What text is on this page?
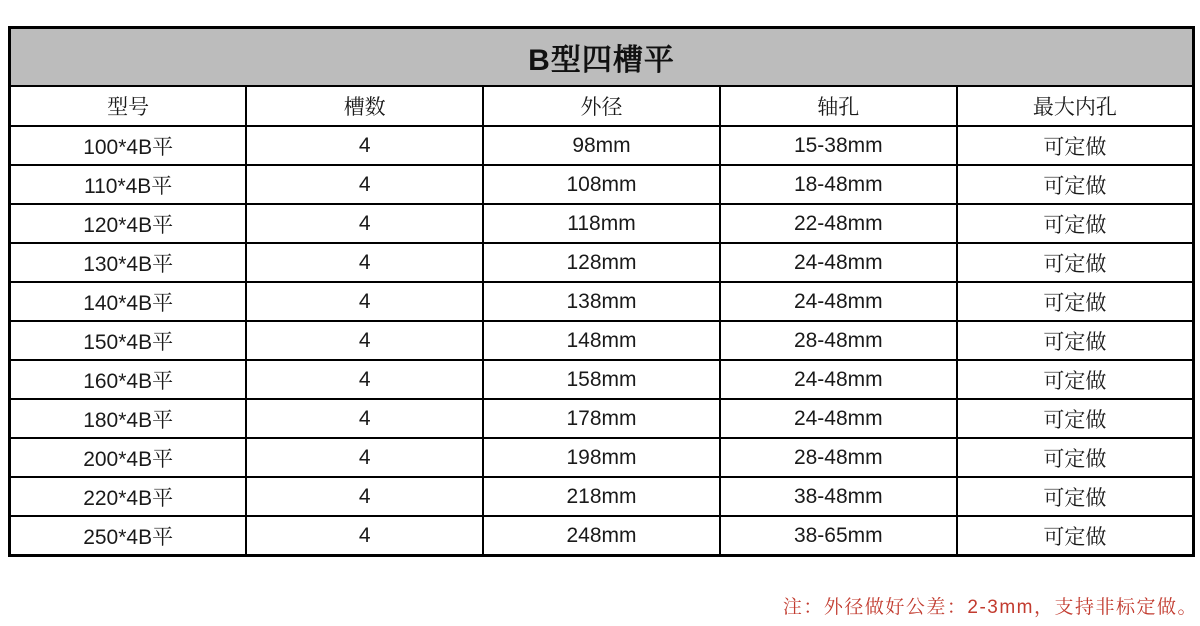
B型四槽平				
型号	槽数	外径	轴孔	最大内孔
100*4B平	4	98mm	15-38mm	可定做
110*4B平	4	108mm	18-48mm	可定做
120*4B平	4	118mm	22-48mm	可定做
130*4B平	4	128mm	24-48mm	可定做
140*4B平	4	138mm	24-48mm	可定做
150*4B平	4	148mm	28-48mm	可定做
160*4B平	4	158mm	24-48mm	可定做
180*4B平	4	178mm	24-48mm	可定做
200*4B平	4	198mm	28-48mm	可定做
220*4B平	4	218mm	38-48mm	可定做
250*4B平	4	248mm	38-65mm	可定做
注：外径做好公差：2-3mm，支持非标定做。
